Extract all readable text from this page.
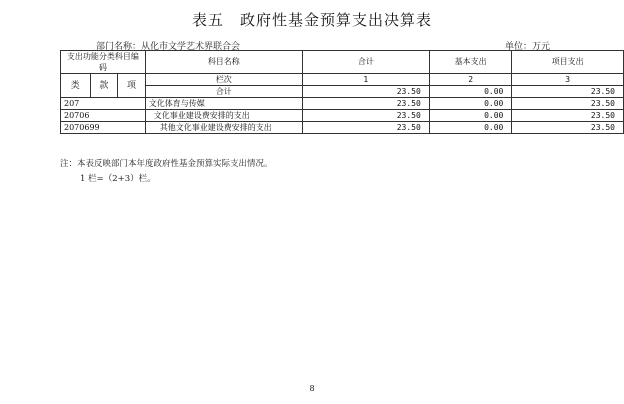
表五　政府性基金预算支出决算表
部门名称：从化市文学艺术界联合会	单位：万元
支出功能分类科目编码			科目名称	合计	基本支出	项目支出
类	款	项				
			栏次	1	2	3
			合计	23.50	0.00	23.50
207			文化体育与传媒	23.50	0.00	23.50
20706			文化事业建设费安排的支出	23.50	0.00	23.50
2070699			其他文化事业建设费安排的支出	23.50	0.00	23.50
注：本表反映部门本年度政府性基金预算实际支出情况。
1 栏=（2+3）栏。
8
